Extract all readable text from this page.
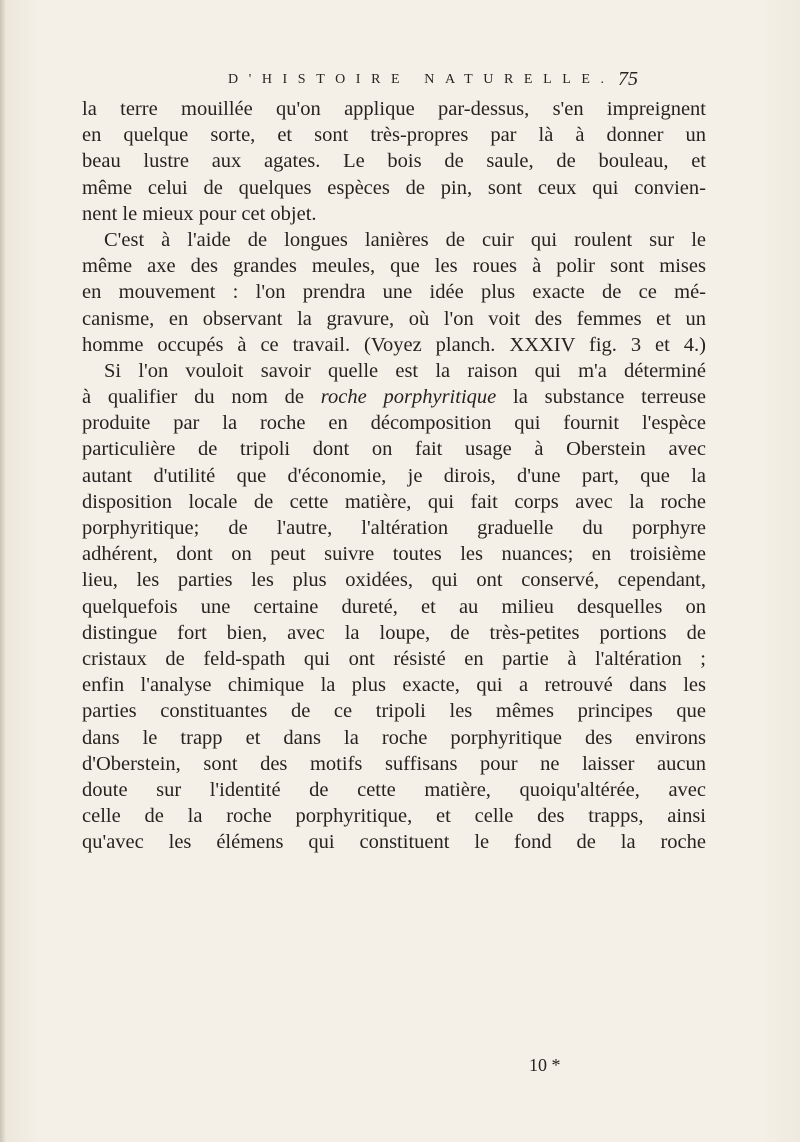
D'HISTOIRE NATURELLE. 75
la terre mouillée qu'on applique par-dessus, s'en impreignent
en quelque sorte, et sont très-propres par là à donner un
beau lustre aux agates. Le bois de saule, de bouleau, et
même celui de quelques espèces de pin, sont ceux qui convien-
nent le mieux pour cet objet.
C'est à l'aide de longues lanières de cuir qui roulent sur le
même axe des grandes meules, que les roues à polir sont mises
en mouvement : l'on prendra une idée plus exacte de ce mé-
canisme, en observant la gravure, où l'on voit des femmes et un
homme occupés à ce travail. (Voyez planch. XXXIV fig. 3 et 4.)
Si l'on vouloit savoir quelle est la raison qui m'a déterminé
à qualifier du nom de roche porphyritique la substance terreuse
produite par la roche en décomposition qui fournit l'espèce
particulière de tripoli dont on fait usage à Oberstein avec
autant d'utilité que d'économie, je dirois, d'une part, que la
disposition locale de cette matière, qui fait corps avec la roche
porphyritique; de l'autre, l'altération graduelle du porphyre
adhérent, dont on peut suivre toutes les nuances; en troisième
lieu, les parties les plus oxidées, qui ont conservé, cependant,
quelquefois une certaine dureté, et au milieu desquelles on
distingue fort bien, avec la loupe, de très-petites portions de
cristaux de feld-spath qui ont résisté en partie à l'altération ;
enfin l'analyse chimique la plus exacte, qui a retrouvé dans les
parties constituantes de ce tripoli les mêmes principes que
dans le trapp et dans la roche porphyritique des environs
d'Oberstein, sont des motifs suffisans pour ne laisser aucun
doute sur l'identité de cette matière, quoiqu'altérée, avec
celle de la roche porphyritique, et celle des trapps, ainsi
qu'avec les élémens qui constituent le fond de la roche
10 *
